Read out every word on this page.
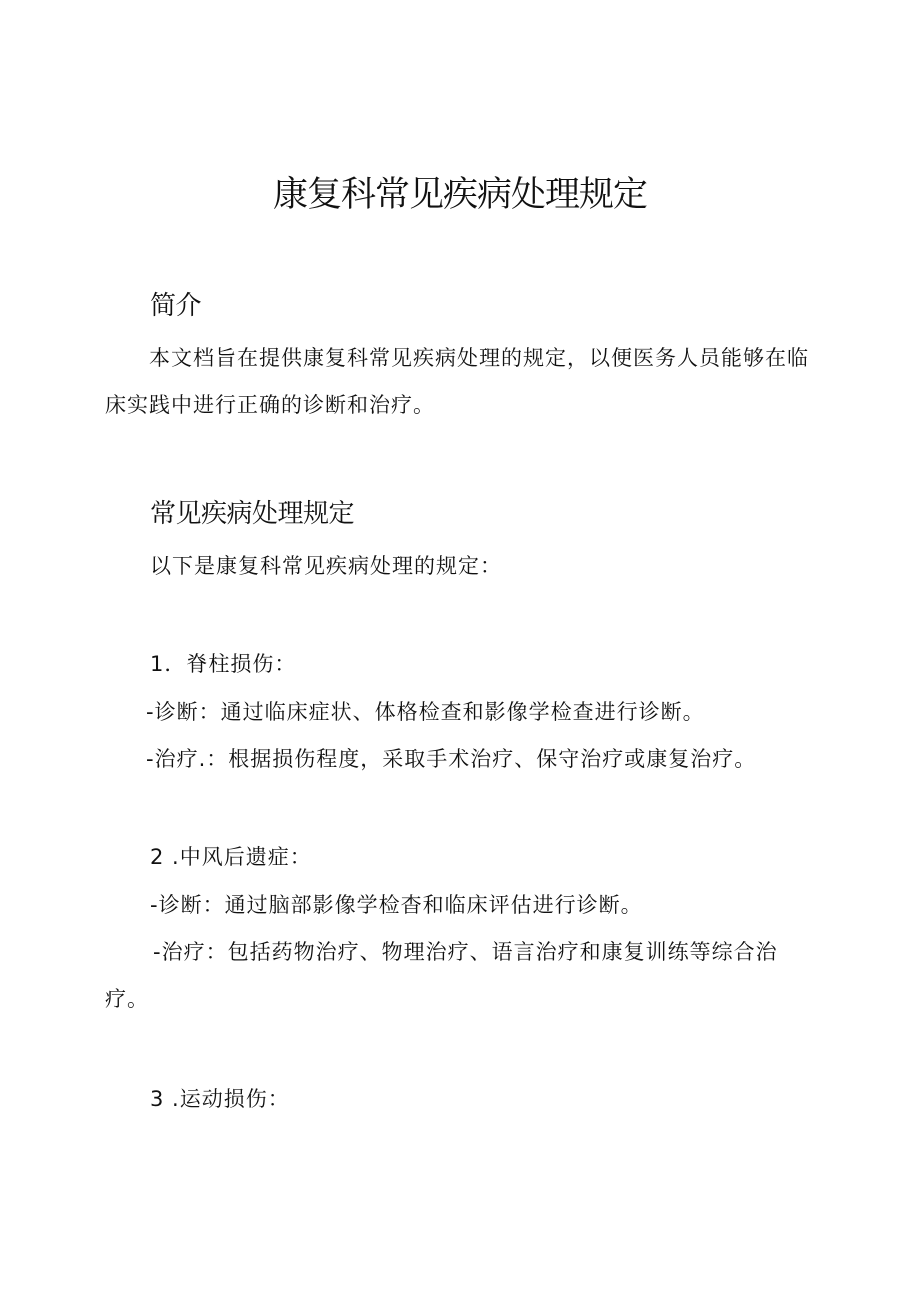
康复科常见疾病处理规定
简介

本文档旨在提供康复科常见疾病处理的规定，以便医务人员能够在临床实践中进行正确的诊断和治疗。

常见疾病处理规定

以下是康复科常见疾病处理的规定：

1．脊柱损伤：

-诊断：通过临床症状、体格检查和影像学检查进行诊断。

-治疗.：根据损伤程度，采取手术治疗、保守治疗或康复治疗。

2 .中风后遗症：

-诊断：通过脑部影像学检杳和临床评估进行诊断。

-治疗：包括药物治疗、物理治疗、语言治疗和康复训练等综合治疗。

3 .运动损伤：
